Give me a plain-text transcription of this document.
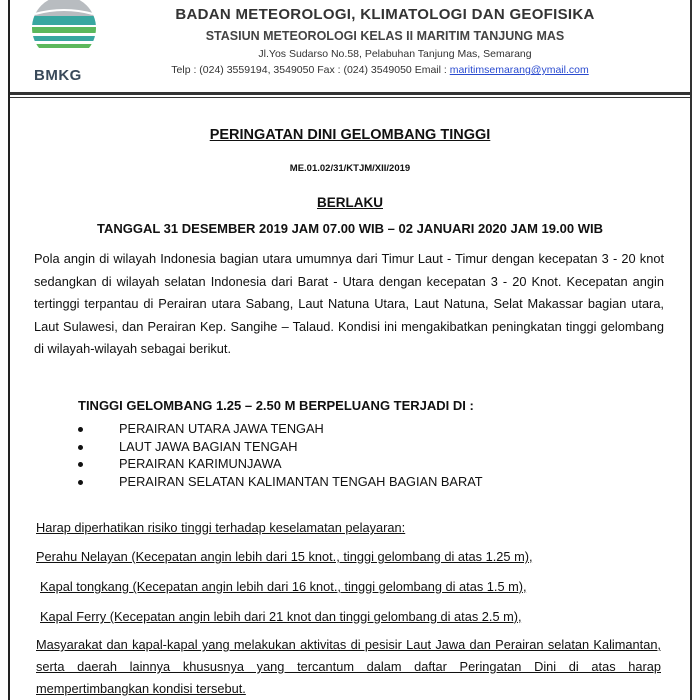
BMKG
BADAN METEOROLOGI, KLIMATOLOGI DAN GEOFISIKA
STASIUN METEOROLOGI KELAS II MARITIM TANJUNG MAS
Jl.Yos Sudarso No.58, Pelabuhan Tanjung Mas, Semarang
Telp : (024) 3559194, 3549050 Fax : (024) 3549050 Email : maritimsemarang@ymail.com
PERINGATAN DINI GELOMBANG TINGGI
ME.01.02/31/KTJM/XII/2019
BERLAKU
TANGGAL 31 DESEMBER 2019 JAM 07.00 WIB – 02 JANUARI 2020 JAM 19.00 WIB
Pola angin di wilayah Indonesia bagian utara umumnya dari Timur Laut - Timur dengan kecepatan 3 - 20 knot sedangkan di wilayah selatan Indonesia dari Barat - Utara dengan kecepatan 3 - 20 Knot. Kecepatan angin tertinggi terpantau di Perairan utara Sabang, Laut Natuna Utara, Laut Natuna, Selat Makassar bagian utara, Laut Sulawesi, dan Perairan Kep. Sangihe – Talaud. Kondisi ini mengakibatkan peningkatan tinggi gelombang di wilayah-wilayah sebagai berikut.
TINGGI GELOMBANG 1.25 – 2.50 M BERPELUANG TERJADI DI :
PERAIRAN UTARA JAWA TENGAH
LAUT JAWA BAGIAN TENGAH
PERAIRAN KARIMUNJAWA
PERAIRAN SELATAN KALIMANTAN TENGAH BAGIAN BARAT
Harap diperhatikan risiko tinggi terhadap keselamatan pelayaran:
Perahu Nelayan (Kecepatan angin lebih dari 15 knot., tinggi gelombang di atas 1.25 m),
Kapal tongkang (Kecepatan angin lebih dari 16 knot., tinggi gelombang di atas 1.5 m),
Kapal Ferry (Kecepatan angin lebih dari 21 knot dan tinggi gelombang di atas 2.5 m),
Masyarakat dan kapal-kapal yang melakukan aktivitas di pesisir Laut Jawa dan Perairan selatan Kalimantan, serta daerah lainnya khususnya yang tercantum dalam daftar Peringatan Dini di atas harap mempertimbangkan kondisi tersebut.
